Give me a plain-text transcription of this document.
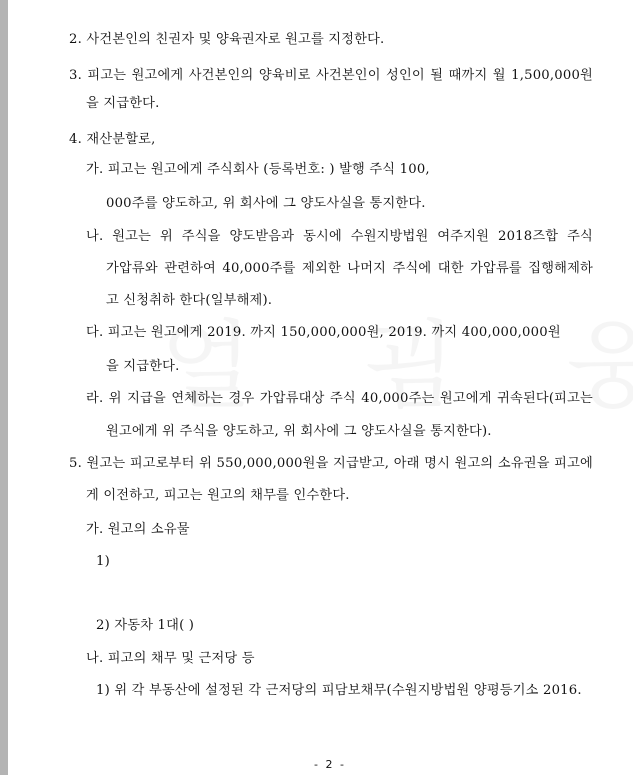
2. 사건본인의 친권자 및 양육권자로 원고를 지정한다.
3. 피고는 원고에게 사건본인의 양육비로 사건본인이 성인이 될 때까지 월 1,500,000원
을 지급한다.
4. 재산분할로,
가. 피고는 원고에게 주식회사 (등록번호: ) 발행 주식 100,
000주를 양도하고, 위 회사에 그 양도사실을 통지한다.
나. 원고는 위 주식을 양도받음과 동시에 수원지방법원 여주지원 2018즈합 주식
가압류와 관련하여 40,000주를 제외한 나머지 주식에 대한 가압류를 집행해제하
고 신청취하 한다(일부해제).
다. 피고는 원고에게 2019. 까지 150,000,000원, 2019. 까지 400,000,000원
을 지급한다.
라. 위 지급을 연체하는 경우 가압류대상 주식 40,000주는 원고에게 귀속된다(피고는
원고에게 위 주식을 양도하고, 위 회사에 그 양도사실을 통지한다).
5. 원고는 피고로부터 위 550,000,000원을 지급받고, 아래 명시 원고의 소유권을 피고에
게 이전하고, 피고는 원고의 채무를 인수한다.
가. 원고의 소유물
1)
2) 자동차 1대( )
나. 피고의 채무 및 근저당 등
1) 위 각 부동산에 설정된 각 근저당의 피담보채무(수원지방법원 양평등기소 2016.
- 2 -
